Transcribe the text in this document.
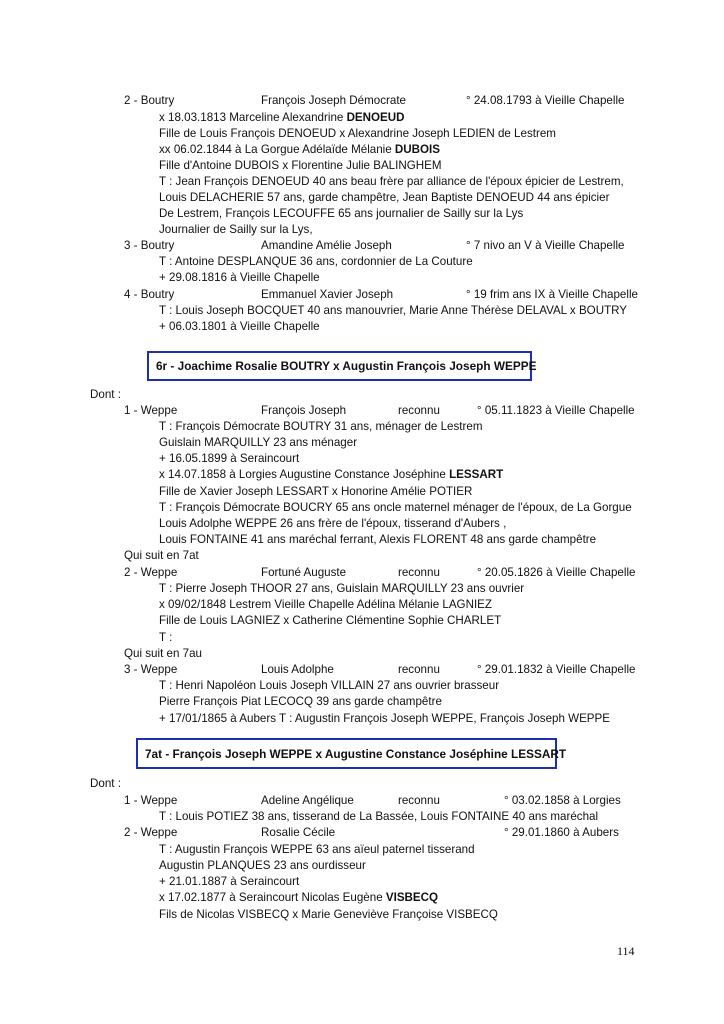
2 - Boutry	François Joseph Démocrate	° 24.08.1793 à Vieille Chapelle
x 18.03.1813 Marceline Alexandrine DENOEUD
Fille de Louis François DENOEUD x Alexandrine Joseph LEDIEN de Lestrem
xx 06.02.1844 à La Gorgue Adélaïde Mélanie DUBOIS
Fille d'Antoine DUBOIS x Florentine Julie BALINGHEM
T : Jean François DENOEUD 40 ans beau frère par alliance de l'époux épicier de Lestrem,
Louis DELACHERIE 57 ans, garde champêtre, Jean Baptiste DENOEUD 44 ans épicier
De Lestrem, François LECOUFFE 65 ans journalier de Sailly sur la Lys
Journalier de Sailly sur la Lys,
3 - Boutry	Amandine Amélie Joseph	° 7 nivo an V à Vieille Chapelle
T : Antoine DESPLANQUE 36 ans, cordonnier de La Couture
+ 29.08.1816 à Vieille Chapelle
4 - Boutry	Emmanuel Xavier Joseph	° 19 frim ans IX à Vieille Chapelle
T : Louis Joseph BOCQUET 40 ans manouvrier, Marie Anne Thérèse DELAVAL x BOUTRY
+ 06.03.1801 à Vieille Chapelle
6r - Joachime Rosalie BOUTRY x Augustin François Joseph WEPPE
Dont :
1 - Weppe	François Joseph	reconnu	° 05.11.1823 à Vieille Chapelle
T : François Démocrate BOUTRY 31 ans, ménager de Lestrem
Guislain MARQUILLY 23 ans ménager
+ 16.05.1899 à Seraincourt
x 14.07.1858 à Lorgies Augustine Constance Joséphine LESSART
Fille de Xavier Joseph LESSART x Honorine Amélie POTIER
T : François Démocrate BOUCRY 65 ans oncle maternel ménager de l'époux, de La Gorgue
Louis Adolphe WEPPE 26 ans frère de l'époux, tisserand d'Aubers ,
Louis FONTAINE 41 ans maréchal ferrant, Alexis FLORENT 48 ans garde champêtre
Qui suit en 7at
2 - Weppe	Fortuné Auguste	reconnu	° 20.05.1826 à Vieille Chapelle
T : Pierre Joseph THOOR 27 ans, Guislain MARQUILLY 23 ans ouvrier
x 09/02/1848 Lestrem Vieille Chapelle Adélina Mélanie LAGNIEZ
Fille de Louis LAGNIEZ x Catherine Clémentine Sophie CHARLET
T :
Qui suit en 7au
3 - Weppe	Louis Adolphe	reconnu	° 29.01.1832 à Vieille Chapelle
T : Henri Napoléon Louis Joseph VILLAIN 27 ans ouvrier brasseur
Pierre François Piat LECOCQ 39 ans garde champêtre
+ 17/01/1865 à Aubers T : Augustin François Joseph WEPPE, François Joseph WEPPE
7at - François Joseph WEPPE x Augustine Constance Joséphine LESSART
Dont :
1 - Weppe	Adeline Angélique	reconnu	° 03.02.1858 à Lorgies
T : Louis POTIEZ 38 ans, tisserand de La Bassée, Louis FONTAINE 40 ans maréchal
2 - Weppe	Rosalie Cécile	° 29.01.1860 à Aubers
T : Augustin François WEPPE 63 ans aïeul paternel tisserand
Augustin PLANQUES 23 ans ourdisseur
+ 21.01.1887 à Seraincourt
x 17.02.1877 à Seraincourt Nicolas Eugène VISBECQ
Fils de Nicolas VISBECQ x Marie Geneviève Françoise VISBECQ
114
